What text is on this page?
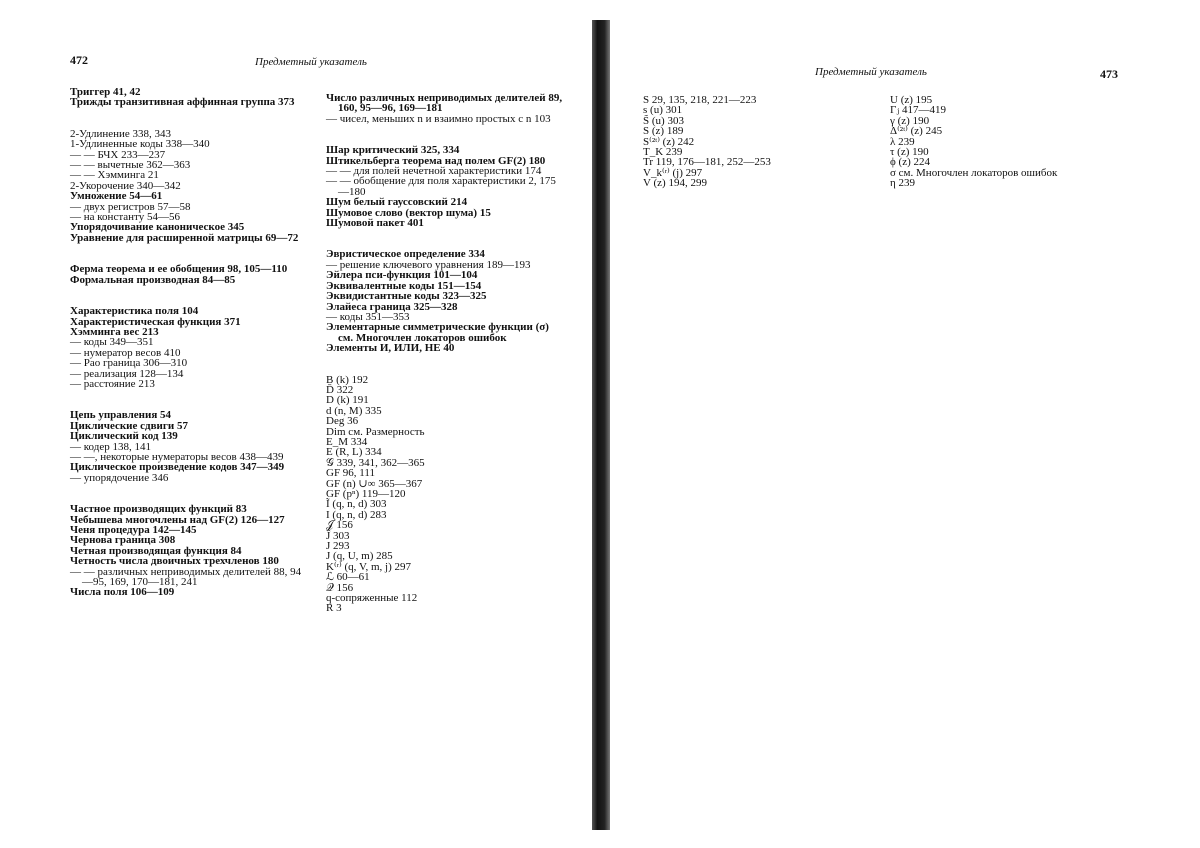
472	Предметный указатель

Триггер 41, 42

Трижды транзитивная аффинная группа 373

2-Удлинение 338, 343

1-Удлиненные коды 338—340

— — БЧХ 233—237

— — вычетные 362—363

— — Хэмминга 21

2-Укорочение 340—342

Умножение 54—61

— двух регистров 57—58

— на константу 54—56

Упорядочивание каноническое 345

Уравнение для расширенной матрицы 69—72

Ферма теорема и ее обобщения 98, 105—110

Формальная производная 84—85

Характеристика поля 104

Характеристическая функция 371

Хэмминга вес 213

— коды 349—351

— нумератор весов 410

— Рао граница 306—310

— реализация 128—134

— расстояние 213

Цепь управления 54

Циклические сдвиги 57

Циклический код 139

— кодер 138, 141

— —, некоторые нумераторы весов 438—439

Циклическое произведение кодов 347—349

— упорядочение 346

Частное производящих функций 83

Чебышева многочлены над GF(2) 126—127

Ченя процедура 142—145

Чернова граница 308

Четная производящая функция 84

Четность числа двоичных трехчленов 180

— — различных неприводимых делителей 88, 94—95, 169, 170—181, 241

Числа поля 106—109

Число различных неприводимых делителей 89, 160, 95—96, 169—181

— чисел, меньших n и взаимно простых с n 103

Шар критический 325, 334

Штикельберга теорема над полем GF(2) 180

— — для полей нечетной характеристики 174

— — обобщение для поля характеристики 2, 175—180

Шум белый гауссовский 214

Шумовое слово (вектор шума) 15

Шумовой пакет 401

Эвристическое определение 334

— решение ключевого уравнения 189—193

Эйлера пси-функция 101—104

Эквивалентные коды 151—154

Эквидистантные коды 323—325

Элайеса граница 325—328

— коды 351—353

Элементарные симметрические функции (σ) см. Многочлен локаторов ошибок

Элементы И, ИЛИ, НЕ 40

B (k) 192

D̄ 322

D (k) 191

d (n, M) 335

Deg 36

Dim см. Размерность

E_M 334

E (R, L) 334

𝒢 339, 341, 362—365

GF 96, 111

GF (n) ∪∞ 365—367

GF (pⁿ) 119—120

Ĩ (q, n, d) 303

I (q, n, d) 283

𝒥 156

Ĵ 303

J 293

J (q, U, m) 285

K⁽ʳ⁾ (q, V, m, j) 297

ℒ 60—61

𝒬 156

q-сопряженные 112

R 3

473
Предметный указатель

S 29, 135, 218, 221—223

s (u) 301

S̃ (u) 303

S (z) 189

S⁽²ᵗ⁾ (z) 242

T_K 239

Tr 119, 176—181, 252—253

V_k⁽ʳ⁾ (j) 297

V (z) 194, 299

U (z) 195

Γⱼ 417—419

γ (z) 190

Δ⁽²ᵗ⁾ (z) 245

λ 239

τ (z) 190

ϕ (z) 224

σ см. Многочлен локаторов ошибок

η 239
